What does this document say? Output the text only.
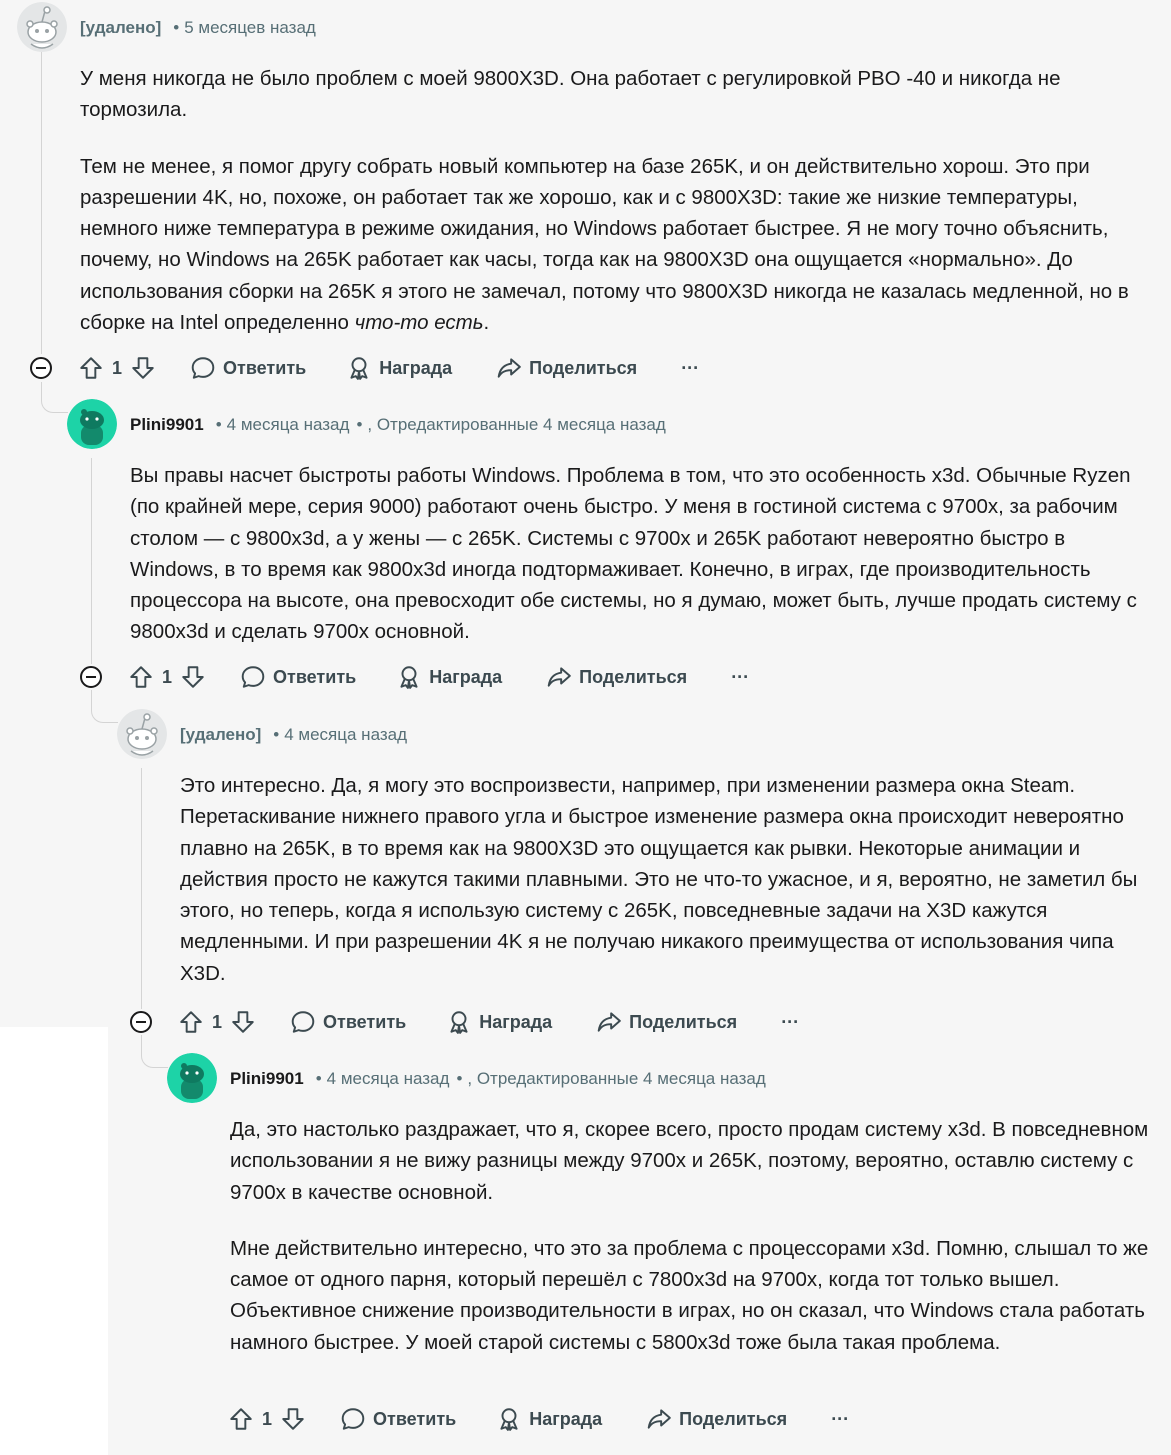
[удалено] • 5 месяцев назад

У меня никогда не было проблем с моей 9800X3D. Она работает с регулировкой PBO -40 и никогда не тормозила.

Тем не менее, я помог другу собрать новый компьютер на базе 265K, и он действительно хорош. Это при разрешении 4K, но, похоже, он работает так же хорошо, как и с 9800X3D: такие же низкие температуры, немного ниже температура в режиме ожидания, но Windows работает быстрее. Я не могу точно объяснить, почему, но Windows на 265K работает как часы, тогда как на 9800X3D она ощущается «нормально». До использования сборки на 265K я этого не замечал, потому что 9800X3D никогда не казалась медленной, но в сборке на Intel определенно что-то есть.

1	Ответить	Награда	Поделиться ···
Plini9901 • 4 месяца назад • , Отредактированные 4 месяца назад

Вы правы насчет быстроты работы Windows. Проблема в том, что это особенность x3d. Обычные Ryzen (по крайней мере, серия 9000) работают очень быстро. У меня в гостиной система с 9700x, за рабочим столом — с 9800x3d, а у жены — с 265K. Системы с 9700x и 265K работают невероятно быстро в Windows, в то время как 9800x3d иногда подтормаживает. Конечно, в играх, где производительность процессора на высоте, она превосходит обе системы, но я думаю, может быть, лучше продать систему с 9800x3d и сделать 9700x основной.

1	Ответить	Награда	Поделиться ···
[удалено] • 4 месяца назад

Это интересно. Да, я могу это воспроизвести, например, при изменении размера окна Steam. Перетаскивание нижнего правого угла и быстрое изменение размера окна происходит невероятно плавно на 265K, в то время как на 9800X3D это ощущается как рывки. Некоторые анимации и действия просто не кажутся такими плавными. Это не что-то ужасное, и я, вероятно, не заметил бы этого, но теперь, когда я использую систему с 265K, повседневные задачи на X3D кажутся медленными. И при разрешении 4K я не получаю никакого преимущества от использования чипа X3D.

1	Ответить	Награда	Поделиться ···
Plini9901 • 4 месяца назад • , Отредактированные 4 месяца назад

Да, это настолько раздражает, что я, скорее всего, просто продам систему x3d. В повседневном использовании я не вижу разницы между 9700x и 265K, поэтому, вероятно, оставлю систему с 9700x в качестве основной.

Мне действительно интересно, что это за проблема с процессорами x3d. Помню, слышал то же самое от одного парня, который перешёл с 7800x3d на 9700x, когда тот только вышел. Объективное снижение производительности в играх, но он сказал, что Windows стала работать намного быстрее. У моей старой системы с 5800x3d тоже была такая проблема.

1	Ответить	Награда	Поделиться ···
